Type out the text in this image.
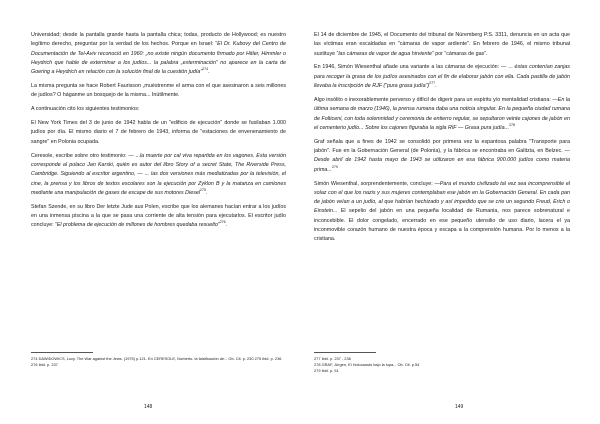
Universidad; desde la pantalla grande hasta la pantalla chica; todas, producto de Hollywood; es nuestro legítimo derecho, preguntar por la verdad de los hechos. Porque en Israel: “El Dr. Kubovy del Centro de Documentación de Tel-Aviv reconoció en 1960: „no existe ningún documento firmado por Hitler, Himmler o Heydrich que hable de exterminar a los judíos... la palabra „exterminación” no aparece en la carta de Goering a Heydrich en relación con la solución final de la cuestión judía”$^{274}$.

La misma pregunta se hace Robert Faurisson „muéstrenme el arma con el que asesinaron a seis millones de judíos? O háganme un bosquejo de la misma... Inútilmente.

A continuación cito los siguientes testimonios:

El New York Times del 3 de junio de 1942 habla de un "edificio de ejecución" donde se fusilaban 1.000 judíos por día. El mismo diario el 7 de febrero de 1943, informa de "estaciones de envenenamiento de sangre" en Polonia ocupada.

Ceresole, escribe sobre otro testimonio: — ...la muerte por cal viva repartida en los vagones. Esta versión corresponde al polaco Jan Karski, quién es autor del libro Story of a secret State, The Riverside Press, Cambridge. Siguiendo al escritor argentino, — ... las dos versiones más mediatizadas por la televisión, el cine, la prensa y los libros de textos escolares son la ejecución por Zyklon B y la matanza en camiones mediante una manipulación de gases de escape de sus motores Diesel$^{275}$.

Stefan Szende, en su libro Der letzte Jude aus Polen, escribe que los alemanes hacían entrar a los judíos en una inmensa piscina a la que se pasa una corriente de alta tensión para ejecutarlos. El escritor judío concluye: “El problema de ejecución de millones de hombres quedaba resuelto”$^{276}$.

274 DAWIDOWICS, Lucy. The War against the Jews. (1975) p.121. En CERESOLE, Norberto. la falsificación de... Ob. Cit. p. 230 275 Ibid. p. 236

276 Ibid. p. 237

148

El 14 de diciembre de 1945, el Documento del tribunal de Núremberg P.S. 3311, denuncia en un acta que las víctimas eran escaldadas en "cámaras de vapor ardiente". En febrero de 1946, el mismo tribunal sustituye “las cámaras de vapor de agua hirviente” por “cámaras de gas”.

En 1946, Simón Wiesenthal añade una variante a las cámaras de ejecución: — ... éstas contenían zanjas para recoger la grasa de los judíos asesinados con el fin de elaborar jabón con ella. Cada pastilla de jabón llevaba la inscripción de RJF (“pura grasa judía”)$^{277}$.

Algo insólito o inexorablemente perverso y difícil de digerir para un espíritu y/o mentalidad cristiana: —En la última semana de marzo (1946), la prensa rumana daba una noticia singular. En la pequeña ciudad rumana de Folticeni, con toda solemnidad y ceremonia de entierro regular, se sepultaron veinte cajones de jabón en el cementerio judío... Sobre los cajones figuraba la sigla RIF — Grasa pura judía...$^{278}$

Graf señala que a fines de 1942 se consolidó por primera vez la espantosa palabra "Transporte para jabón". Fue en la Gobernación General (de Polonia), y la fábrica se encontraba en Galitzia, en Belzec. — Desde abril de 1942 hasta mayo de 1943 se utilizaron en esa fábrica 900.000 judíos como materia prima...$^{279}$

Simón Wiesenthal, sorprendentemente, concluye: —Para el mundo civilizado tal vez sea incomprensible el solaz con el que los nazis y sus mujeres contemplaban ese jabón en la Gobernación General. En cada pan de jabón veían a un judío, al que habrían hechizado y así impedido que se crie un segundo Freud, Erich o Einstein... El sepelio del jabón en una pequeña localidad de Rumania, nos parece sobrenatural e inconcebible. El dolor congelado, encerrado en ese pequeño utensilio de uso diario, lacera el ya inconmovible corazón humano de nuestra época y escapa a la comprensión humana. Por lo menos a la cristiana.

277 Ibid. p. 237 - 238

278 GRAF, Jürgen, El Holocausto bajo la lupa... Ob. Cit. p.54

279 Ibid. p. 51

149
